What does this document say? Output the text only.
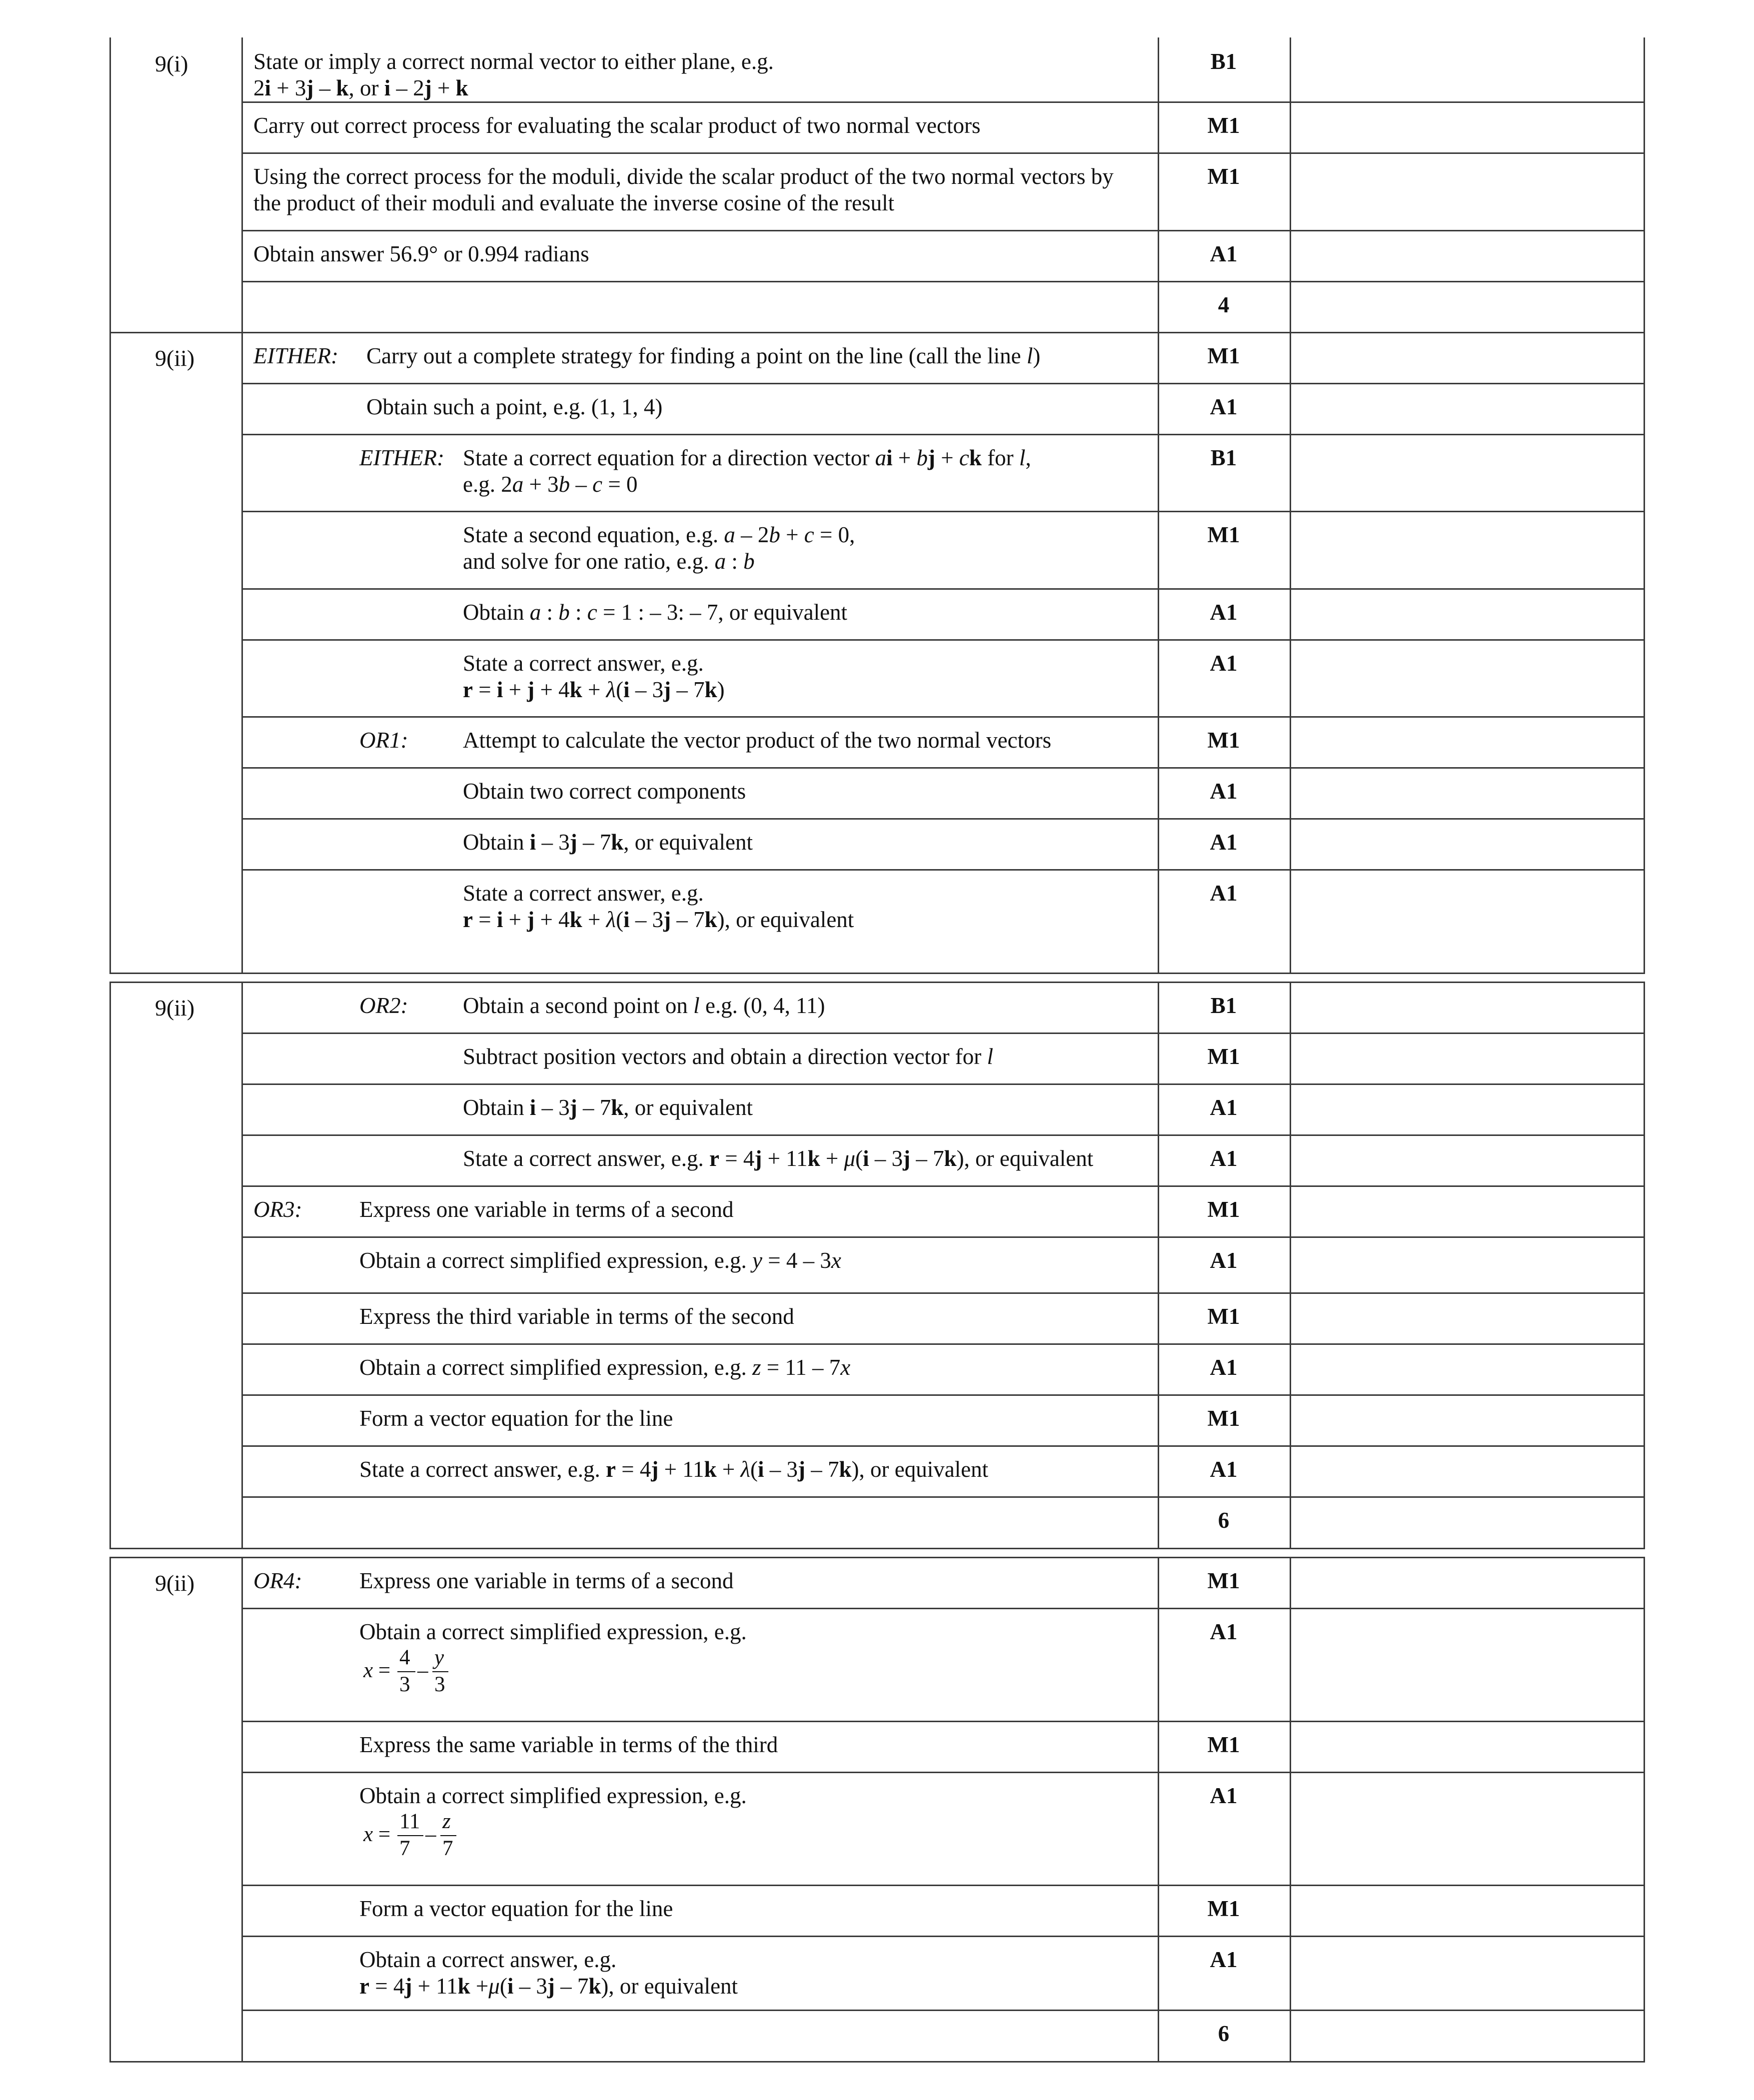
9(i)	State or imply a correct normal vector to either plane, e.g.
2i + 3j – k, or i – 2j + k
B1
Carry out correct process for evaluating the scalar product of two normal vectors	M1
Using the correct process for the moduli, divide the scalar product of the two normal vectors by
the product of their moduli and evaluate the inverse cosine of the result
M1
Obtain answer 56.9° or 0.994 radians	A1
4
9(ii)	EITHER: Carry out a complete strategy for finding a point on the line (call the line l)	M1
Obtain such a point, e.g. (1, 1, 4)	A1
EITHER: State a correct equation for a direction vector ai + bj + ck for l,
e.g. 2a + 3b – c = 0
B1
State a second equation, e.g. a – 2b + c = 0,
and solve for one ratio, e.g. a : b
M1
Obtain a : b : c = 1 : – 3: – 7, or equivalent	A1
State a correct answer, e.g.
r = i + j + 4k + λ(i – 3j – 7k)
A1
OR1: Attempt to calculate the vector product of the two normal vectors	M1
Obtain two correct components	A1
Obtain i – 3j – 7k, or equivalent	A1
State a correct answer, e.g.
r = i + j + 4k + λ(i – 3j – 7k), or equivalent
A1
9(ii)	OR2: Obtain a second point on l e.g. (0, 4, 11)	B1
Subtract position vectors and obtain a direction vector for l	M1
Obtain i – 3j – 7k, or equivalent	A1
State a correct answer, e.g. r = 4j + 11k + μ(i – 3j – 7k), or equivalent	A1
OR3:	Express one variable in terms of a second	M1
Obtain a correct simplified expression, e.g. y = 4 – 3x	A1
Express the third variable in terms of the second	M1
Obtain a correct simplified expression, e.g. z = 11 – 7x	A1
Form a vector equation for the line	M1
State a correct answer, e.g. r = 4j + 11k + λ(i – 3j – 7k), or equivalent	A1
6
9(ii)	OR4:	Express one variable in terms of a second	M1
Obtain a correct simplified expression, e.g.
x =
4
3
–
y
3
A1
Express the same variable in terms of the third	M1
Obtain a correct simplified expression, e.g.
x =
11
7
–
z
7
A1
Form a vector equation for the line	M1
Obtain a correct answer, e.g.
r = 4j + 11k +μ(i – 3j – 7k), or equivalent
A1
6
